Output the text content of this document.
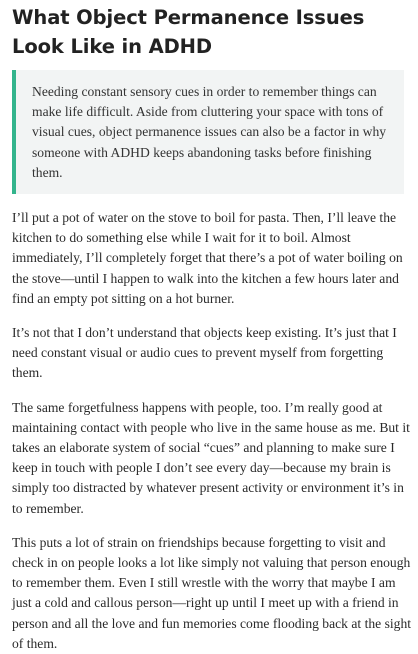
What Object Permanence Issues Look Like in ADHD

Needing constant sensory cues in order to remember things can make life difficult. Aside from cluttering your space with tons of visual cues, object permanence issues can also be a factor in why someone with ADHD keeps abandoning tasks before finishing them.

I’ll put a pot of water on the stove to boil for pasta. Then, I’ll leave the kitchen to do something else while I wait for it to boil. Almost immediately, I’ll completely forget that there’s a pot of water boiling on the stove—until I happen to walk into the kitchen a few hours later and find an empty pot sitting on a hot burner.

It’s not that I don’t understand that objects keep existing. It’s just that I need constant visual or audio cues to prevent myself from forgetting them.

The same forgetfulness happens with people, too. I’m really good at maintaining contact with people who live in the same house as me. But it takes an elaborate system of social “cues” and planning to make sure I keep in touch with people I don’t see every day—because my brain is simply too distracted by whatever present activity or environment it’s in to remember.

This puts a lot of strain on friendships because forgetting to visit and check in on people looks a lot like simply not valuing that person enough to remember them. Even I still wrestle with the worry that maybe I am just a cold and callous person—right up until I meet up with a friend in person and all the love and fun memories come flooding back at the sight of them.
